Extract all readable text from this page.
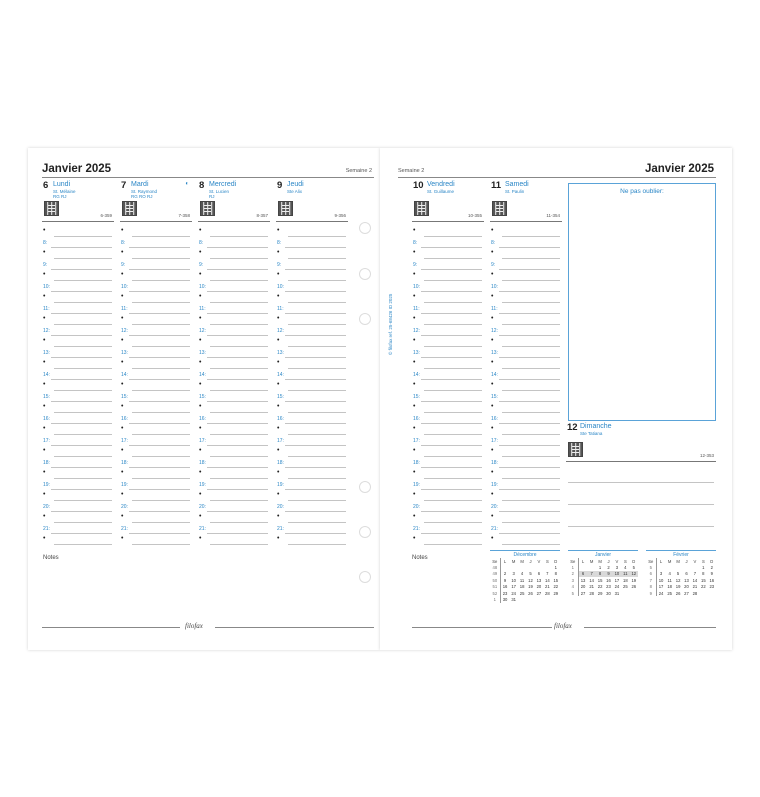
Janvier 2025	Semaine 2
6 Lundi
St. Mélaine
RG RJ
6-359
•
8:
•
9:
•
10:
•
11:
•
12:
•
13:
•
14:
•
15:
•
16:
•
17:
•
18:
•
19:
•
20:
•
21:
•
7 Mardi
St. Raymond
RG RO RJ
◐
7-358
•
8:
•
9:
•
10:
•
11:
•
12:
•
13:
•
14:
•
15:
•
16:
•
17:
•
18:
•
19:
•
20:
•
21:
•
8 Mercredi
St. Lucien
RJ
8-357
•
8:
•
9:
•
10:
•
11:
•
12:
•
13:
•
14:
•
15:
•
16:
•
17:
•
18:
•
19:
•
20:
•
21:
•
9 Jeudi
Ste Alix
9-356
•
8:
•
9:
•
10:
•
11:
•
12:
•
13:
•
14:
•
15:
•
16:
•
17:
•
18:
•
19:
•
20:
•
21:
•
Notes
filofax
Janvier 2025
Semaine 2
10 Vendredi
St. Guillaume
10-355
•
8:
•
9:
•
10:
•
11:
•
12:
•
13:
•
14:
•
15:
•
16:
•
17:
•
18:
•
19:
•
20:
•
21:
•
11 Samedi
St. Paulin
11-354
•
8:
•
9:
•
10:
•
11:
•
12:
•
13:
•
14:
•
15:
•
16:
•
17:
•
18:
•
19:
•
20:
•
21:
•
Ne pas oublier:
12 Dimanche
Ste Tatiana
12-353
Notes	Décembre
Se	L	M	M	J	V	S	D
48							1
49	2	3	4	5	6	7	8
50	9	10	11	12	13	14	15
51	16	17	18	19	20	21	22
52	23	24	25	26	27	28	29
1	30	31					
Janvier
Se	L	M	M	J	V	S	D
1			1	2	3	4	5
2	6	7	8	9	10	11	12
3	13	14	15	16	17	18	19
4	20	21	22	23	24	25	26
5	27	28	29	30	31		
Février
Se	L	M	M	J	V	S	D
5						1	2
6	3	4	5	6	7	8	9
7	10	11	12	13	14	15	16
8	17	18	19	20	21	22	23
9	24	25	26	27	28		
filofax
© filofax ref. 25-68426 ID 2025
